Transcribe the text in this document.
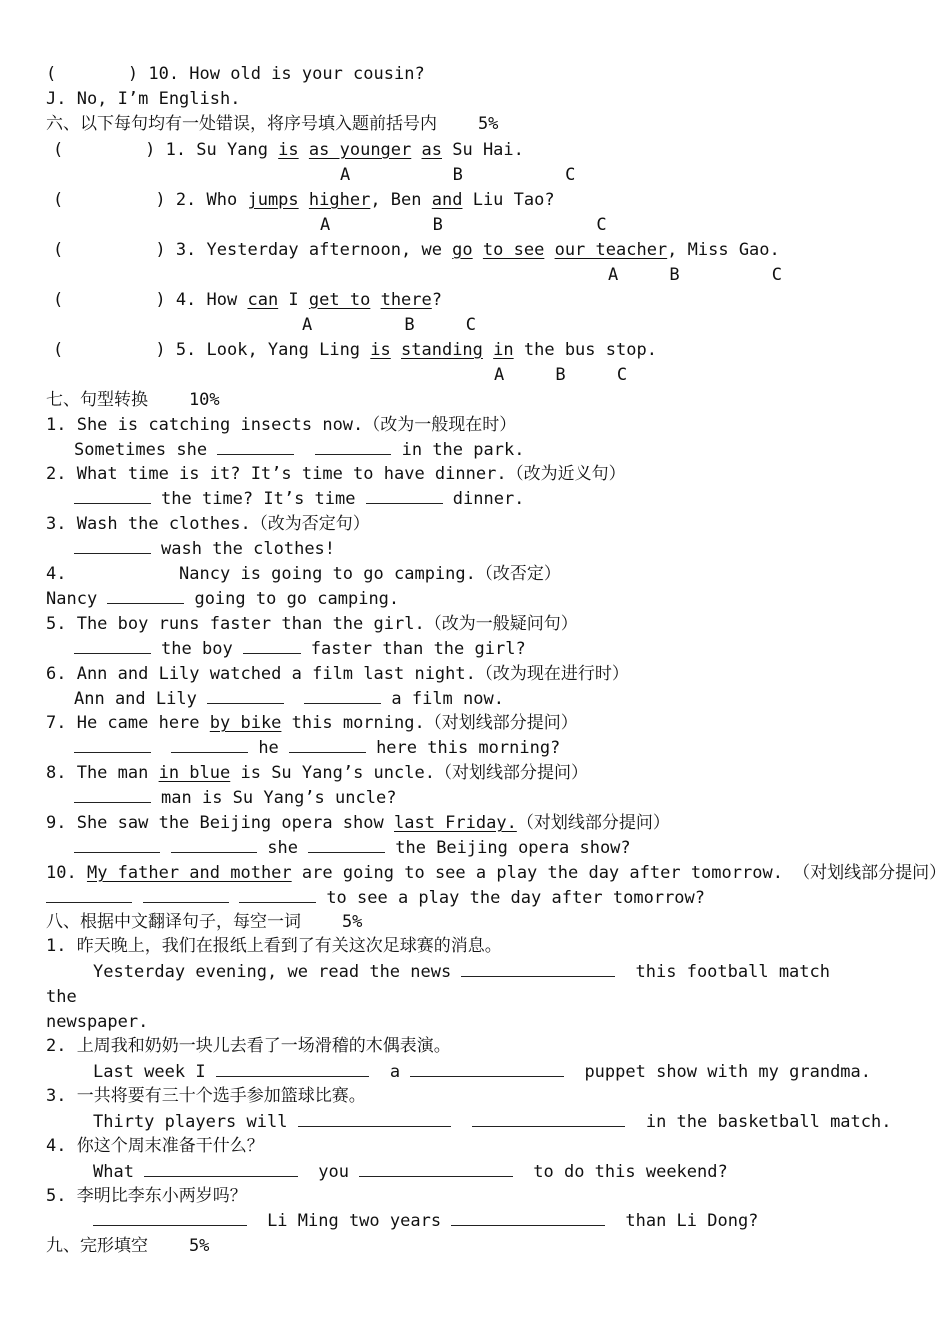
(       ) 10. How old is your cousin?
J. No, I’m English.
六、以下每句均有一处错误，将序号填入题前括号内    5%
(        ) 1. Su Yang is as younger as Su Hai.
A          B          C
(         ) 2. Who jumps higher, Ben and Liu Tao?
A          B               C
(         ) 3. Yesterday afternoon, we go to see our teacher, Miss Gao.
A     B         C
(         ) 4. How can I get to there?
A         B     C
(         ) 5. Look, Yang Ling is standing in the bus stop.
A     B     C
七、句型转换    10%
1. She is catching insects now.（改为一般现在时）
Sometimes she	in the park.
2. What time is it? It’s time to have dinner.（改为近义句）
the time? It’s time	dinner.
3. Wash the clothes.（改为否定句）
wash the clothes!
4.           Nancy is going to go camping.（改否定）
Nancy	going to go camping.
5. The boy runs faster than the girl.（改为一般疑问句）
the boy	faster than the girl?
6. Ann and Lily watched a film last night.（改为现在进行时）
Ann and Lily	a film now.
7. He came here by bike this morning.（对划线部分提问）
he	here this morning?
8. The man in blue is Su Yang’s uncle.（对划线部分提问）
man is Su Yang’s uncle?
9. She saw the Beijing opera show last Friday.（对划线部分提问）
she	the Beijing opera show?
10. My father and mother are going to see a play the day after tomorrow. （对划线部分提问）
to see a play the day after tomorrow?
八、根据中文翻译句子，每空一词    5%
1. 昨天晚上，我们在报纸上看到了有关这次足球赛的消息。
Yesterday evening, we read the news	this football match
the
newspaper.
2. 上周我和奶奶一块儿去看了一场滑稽的木偶表演。
Last week I	a	puppet show with my grandma.
3. 一共将要有三十个选手参加篮球比赛。
Thirty players will	in the basketball match.
4. 你这个周末准备干什么？
What	you	to do this weekend?
5. 李明比李东小两岁吗？
Li Ming two years	than Li Dong?
九、完形填空    5%
